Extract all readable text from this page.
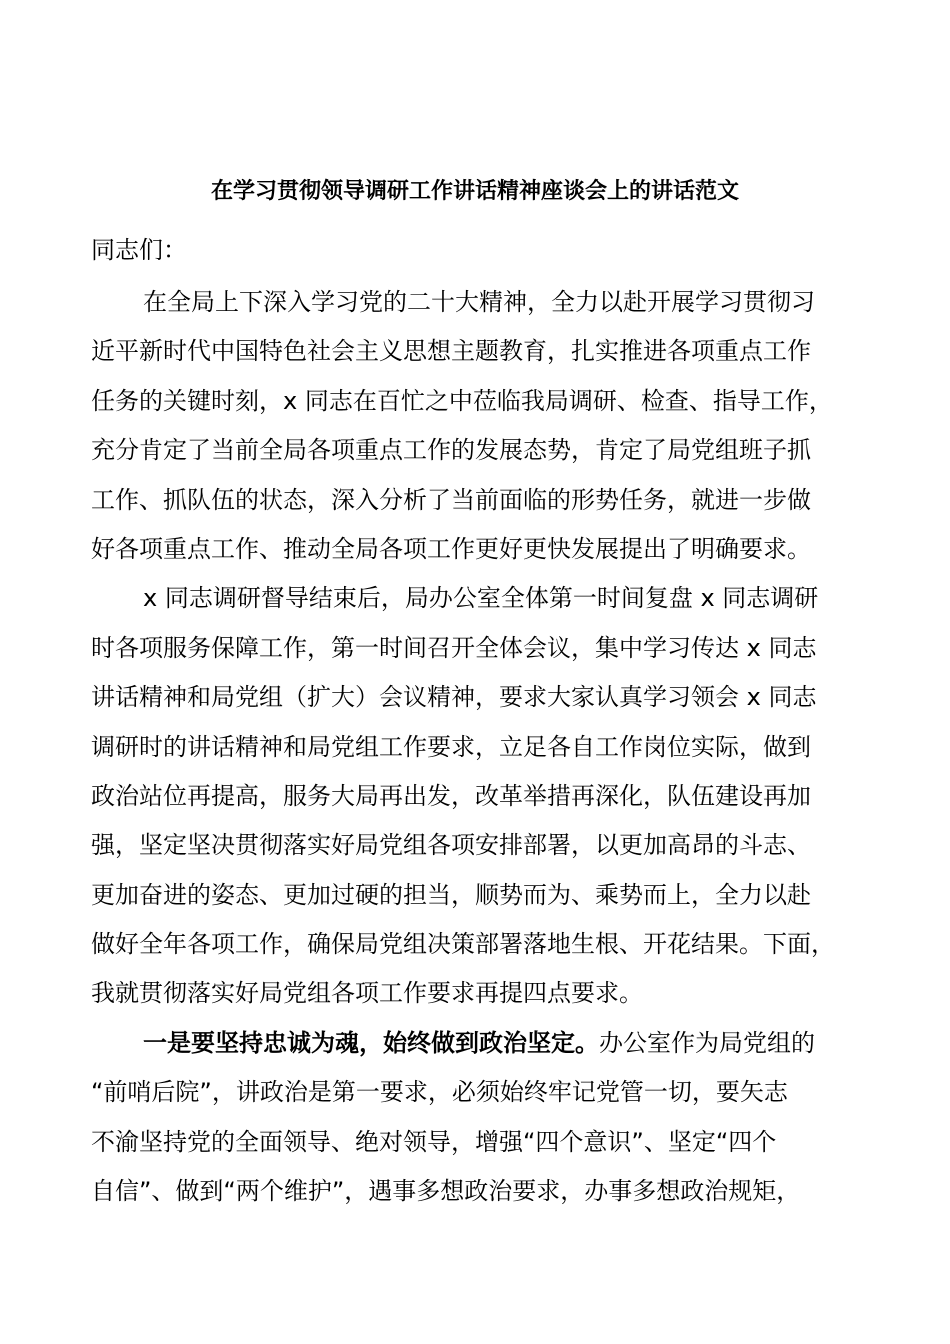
在学习贯彻领导调研工作讲话精神座谈会上的讲话范文
同志们：
在全局上下深入学习党的二十大精神，全力以赴开展学习贯彻习
近平新时代中国特色社会主义思想主题教育，扎实推进各项重点工作
任务的关键时刻，x 同志在百忙之中莅临我局调研、检查、指导工作，
充分肯定了当前全局各项重点工作的发展态势，肯定了局党组班子抓
工作、抓队伍的状态，深入分析了当前面临的形势任务，就进一步做
好各项重点工作、推动全局各项工作更好更快发展提出了明确要求。
x 同志调研督导结束后，局办公室全体第一时间复盘 x 同志调研
时各项服务保障工作，第一时间召开全体会议，集中学习传达 x 同志
讲话精神和局党组（扩大）会议精神，要求大家认真学习领会 x 同志
调研时的讲话精神和局党组工作要求，立足各自工作岗位实际，做到
政治站位再提高，服务大局再出发，改革举措再深化，队伍建设再加
强，坚定坚决贯彻落实好局党组各项安排部署，以更加高昂的斗志、
更加奋进的姿态、更加过硬的担当，顺势而为、乘势而上，全力以赴
做好全年各项工作，确保局党组决策部署落地生根、开花结果。下面，
我就贯彻落实好局党组各项工作要求再提四点要求。
一是要坚持忠诚为魂，始终做到政治坚定。办公室作为局党组的
“前哨后院”，讲政治是第一要求，必须始终牢记党管一切，要矢志
不渝坚持党的全面领导、绝对领导，增强“四个意识”、坚定“四个
自信”、做到“两个维护”，遇事多想政治要求，办事多想政治规矩，
